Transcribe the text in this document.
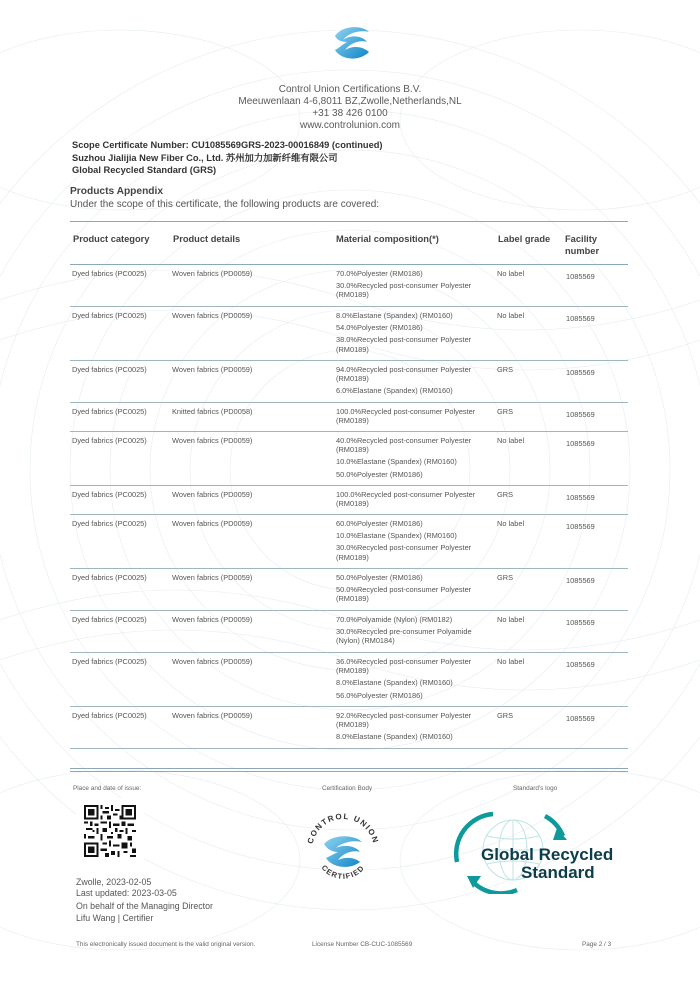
Control Union Certifications B.V.
Meeuwenlaan 4-6,8011 BZ,Zwolle,Netherlands,NL
+31 38 426 0100
www.controlunion.com
Scope Certificate Number: CU1085569GRS-2023-00016849 (continued)
Suzhou Jialijia New Fiber Co., Ltd. 苏州加力加新纤维有限公司
Global Recycled Standard (GRS)
Products Appendix
Under the scope of this certificate, the following products are covered:
Product category	Product details	Material composition(*)	Label grade Facility
number
Dyed fabrics (PC0025)	Woven fabrics (PD0059)	70.0%Polyester (RM0186)
30.0%Recycled post-consumer Polyester (RM0189)
No label	1085569
Dyed fabrics (PC0025)	Woven fabrics (PD0059)	8.0%Elastane (Spandex) (RM0160)
54.0%Polyester (RM0186)
38.0%Recycled post-consumer Polyester (RM0189)
No label	1085569
Dyed fabrics (PC0025)	Woven fabrics (PD0059)	94.0%Recycled post-consumer Polyester (RM0189)
6.0%Elastane (Spandex) (RM0160)
GRS	1085569
Dyed fabrics (PC0025)	Knitted fabrics (PD0058)	100.0%Recycled post-consumer Polyester (RM0189)
GRS	1085569
Dyed fabrics (PC0025)	Woven fabrics (PD0059)	40.0%Recycled post-consumer Polyester (RM0189)
10.0%Elastane (Spandex) (RM0160)
50.0%Polyester (RM0186)
No label	1085569
Dyed fabrics (PC0025)	Woven fabrics (PD0059)	100.0%Recycled post-consumer Polyester (RM0189)
GRS	1085569
Dyed fabrics (PC0025)	Woven fabrics (PD0059)	60.0%Polyester (RM0186)
10.0%Elastane (Spandex) (RM0160)
30.0%Recycled post-consumer Polyester (RM0189)
No label	1085569
Dyed fabrics (PC0025)	Woven fabrics (PD0059)	50.0%Polyester (RM0186)
50.0%Recycled post-consumer Polyester (RM0189)
GRS	1085569
Dyed fabrics (PC0025)	Woven fabrics (PD0059)	70.0%Polyamide (Nylon) (RM0182)
30.0%Recycled pre-consumer Polyamide (Nylon) (RM0184)
No label	1085569
Dyed fabrics (PC0025)	Woven fabrics (PD0059)	36.0%Recycled post-consumer Polyester (RM0189)
8.0%Elastane (Spandex) (RM0160)
56.0%Polyester (RM0186)
No label	1085569
Dyed fabrics (PC0025)	Woven fabrics (PD0059)	92.0%Recycled post-consumer Polyester (RM0189)
8.0%Elastane (Spandex) (RM0160)
GRS	1085569
Place and date of issue:	Certification Body	Standard's logo
Zwolle, 2023-02-05
Last updated: 2023-03-05
On behalf of the Managing Director
Lifu Wang | Certifier
CONTROL UNION
CERTIFIED
Global Recycled
Standard
This electronically issued document is the valid original version.	License Number CB-CUC-1085569	Page 2 / 3
